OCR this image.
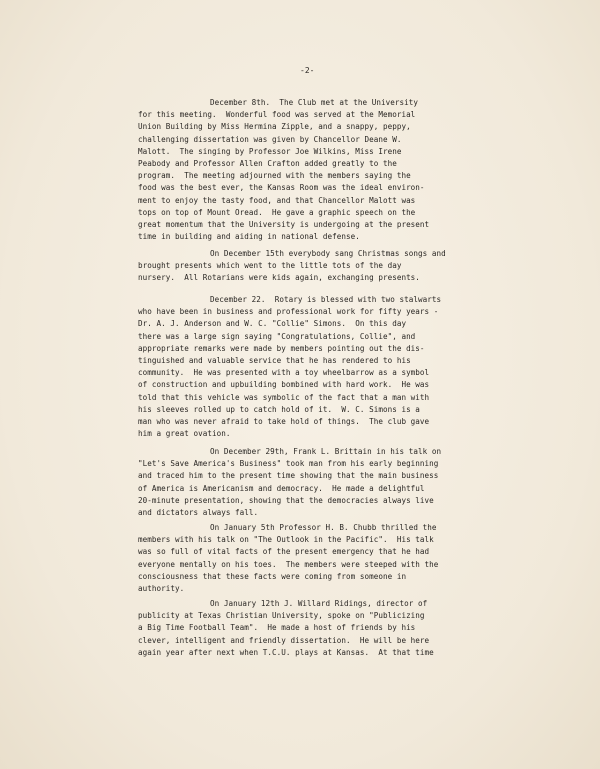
-2-
December 8th.  The Club met at the University
for this meeting.  Wonderful food was served at the Memorial
Union Building by Miss Hermina Zipple, and a snappy, peppy,
challenging dissertation was given by Chancellor Deane W.
Malott.  The singing by Professor Joe Wilkins, Miss Irene
Peabody and Professor Allen Crafton added greatly to the
program.  The meeting adjourned with the members saying the
food was the best ever, the Kansas Room was the ideal environ-
ment to enjoy the tasty food, and that Chancellor Malott was
tops on top of Mount Oread.  He gave a graphic speech on the
great momentum that the University is undergoing at the present
time in building and aiding in national defense.
On December 15th everybody sang Christmas songs and
brought presents which went to the little tots of the day
nursery.  All Rotarians were kids again, exchanging presents.
December 22.  Rotary is blessed with two stalwarts
who have been in business and professional work for fifty years -
Dr. A. J. Anderson and W. C. "Collie" Simons.  On this day
there was a large sign saying "Congratulations, Collie", and
appropriate remarks were made by members pointing out the dis-
tinguished and valuable service that he has rendered to his
community.  He was presented with a toy wheelbarrow as a symbol
of construction and upbuilding bombined with hard work.  He was
told that this vehicle was symbolic of the fact that a man with
his sleeves rolled up to catch hold of it.  W. C. Simons is a
man who was never afraid to take hold of things.  The club gave
him a great ovation.
On December 29th, Frank L. Brittain in his talk on
"Let's Save America's Business" took man from his early beginning
and traced him to the present time showing that the main business
of America is Americanism and democracy.  He made a delightful
20-minute presentation, showing that the democracies always live
and dictators always fall.
On January 5th Professor H. B. Chubb thrilled the
members with his talk on "The Outlook in the Pacific".  His talk
was so full of vital facts of the present emergency that he had
everyone mentally on his toes.  The members were steeped with the
consciousness that these facts were coming from someone in
authority.
On January 12th J. Willard Ridings, director of
publicity at Texas Christian University, spoke on "Publicizing
a Big Time Football Team".  He made a host of friends by his
clever, intelligent and friendly dissertation.  He will be here
again year after next when T.C.U. plays at Kansas.  At that time
